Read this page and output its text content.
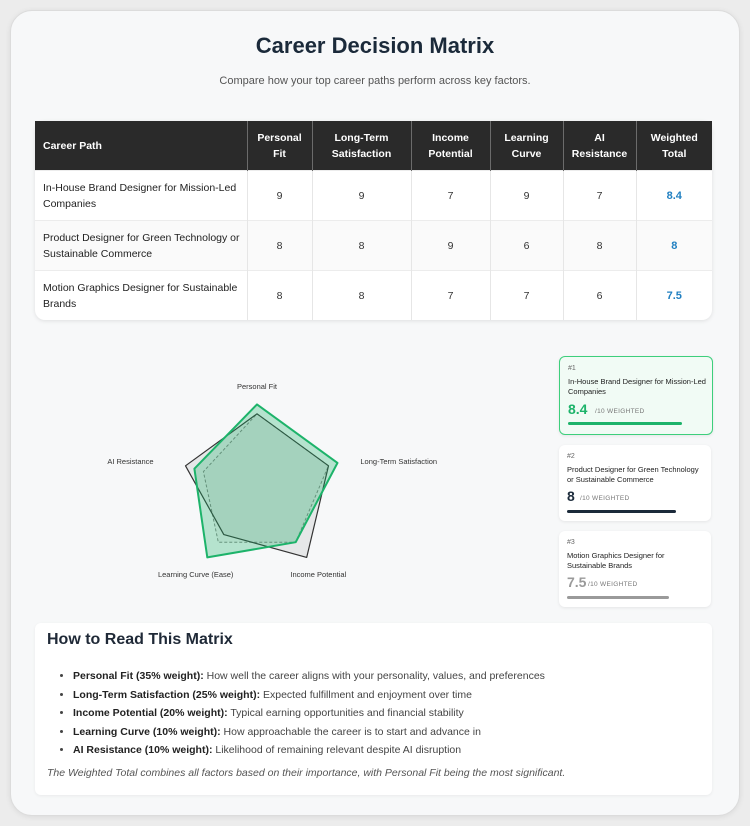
Career Decision Matrix
Compare how your top career paths perform across key factors.
Career Path	Personal Fit	Long-Term Satisfaction	Income Potential	Learning Curve	AI Resistance	Weighted Total
In-House Brand Designer for Mission-Led Companies	9	9	7	9	7	8.4
Product Designer for Green Technology or Sustainable Commerce	8	8	9	6	8	8
Motion Graphics Designer for Sustainable Brands	8	8	7	7	6	7.5
Personal Fit
Long-Term Satisfaction
Income Potential
Learning Curve (Ease)
AI Resistance
#1
In-House Brand Designer for Mission-Led Companies
8.4 /10 WEIGHTED
#2
Product Designer for Green Technology or Sustainable Commerce
8 /10 WEIGHTED
#3
Motion Graphics Designer for Sustainable Brands
7.5 /10 WEIGHTED
How to Read This Matrix
• Personal Fit (35% weight): How well the career aligns with your personality, values, and preferences
• Long-Term Satisfaction (25% weight): Expected fulfillment and enjoyment over time
• Income Potential (20% weight): Typical earning opportunities and financial stability
• Learning Curve (10% weight): How approachable the career is to start and advance in
• AI Resistance (10% weight): Likelihood of remaining relevant despite AI disruption
The Weighted Total combines all factors based on their importance, with Personal Fit being the most significant.
